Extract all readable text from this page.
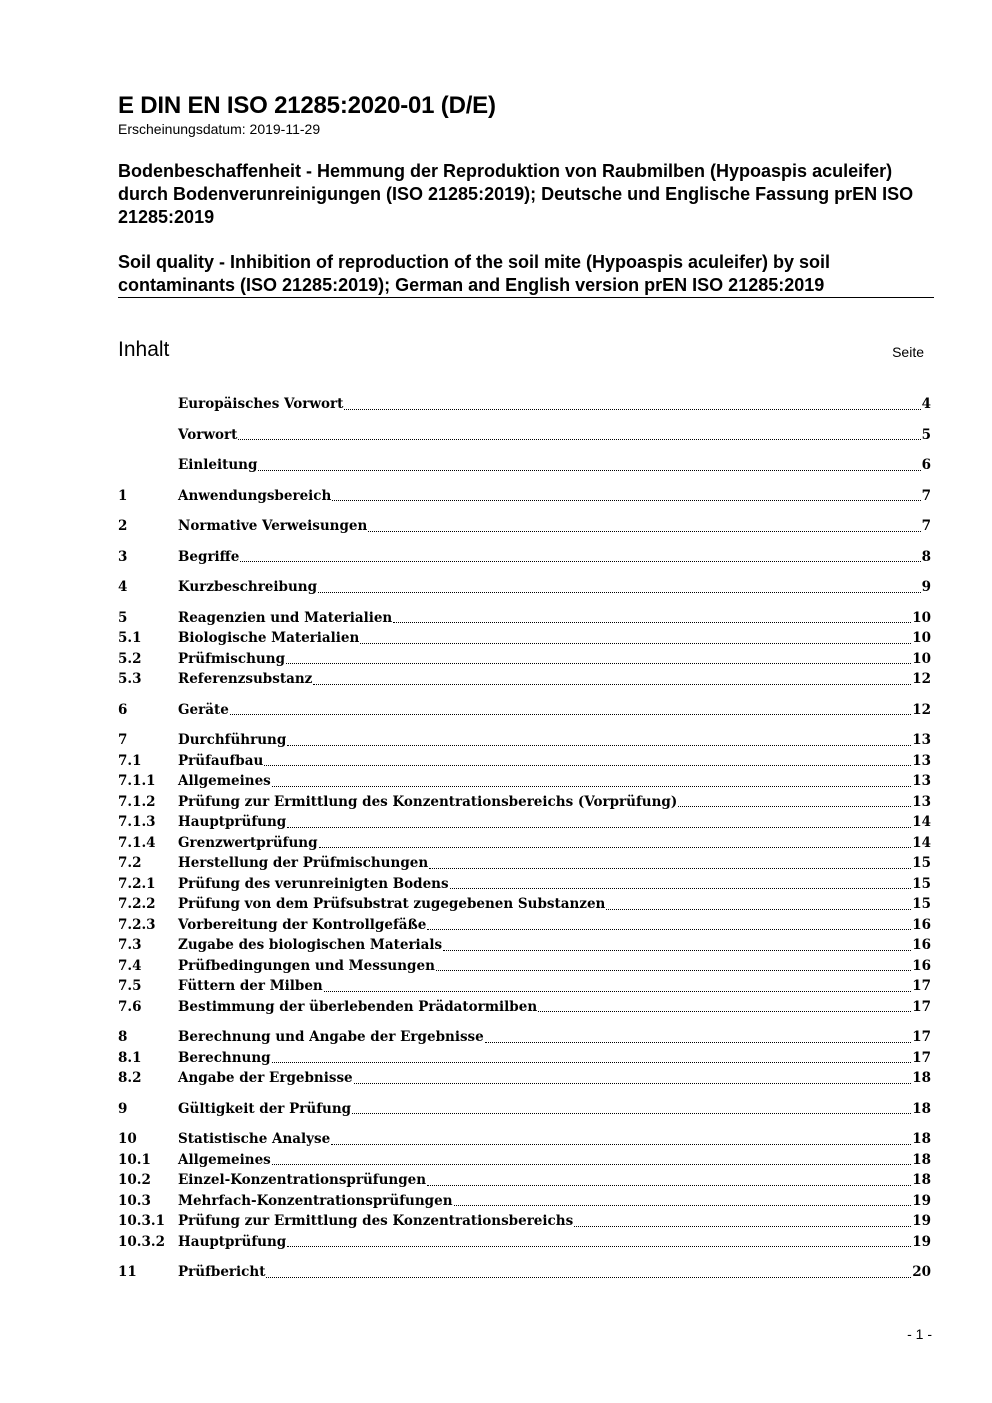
E DIN EN ISO 21285:2020-01 (D/E)
Erscheinungsdatum: 2019-11-29
Bodenbeschaffenheit - Hemmung der Reproduktion von Raubmilben (Hypoaspis aculeifer) durch Bodenverunreinigungen (ISO 21285:2019); Deutsche und Englische Fassung prEN ISO 21285:2019
Soil quality - Inhibition of reproduction of the soil mite (Hypoaspis aculeifer) by soil contaminants (ISO 21285:2019); German and English version prEN ISO 21285:2019
Inhalt	Seite
Europäisches Vorwort	4
Vorwort	5
Einleitung	6
1	Anwendungsbereich	7
2	Normative Verweisungen	7
3	Begriffe	8
4	Kurzbeschreibung	9
5	Reagenzien und Materialien	10
5.1	Biologische Materialien	10
5.2	Prüfmischung	10
5.3	Referenzsubstanz	12
6	Geräte	12
7	Durchführung	13
7.1	Prüfaufbau	13
7.1.1	Allgemeines	13
7.1.2	Prüfung zur Ermittlung des Konzentrationsbereichs (Vorprüfung)	13
7.1.3	Hauptprüfung	14
7.1.4	Grenzwertprüfung	14
7.2	Herstellung der Prüfmischungen	15
7.2.1	Prüfung des verunreinigten Bodens	15
7.2.2	Prüfung von dem Prüfsubstrat zugegebenen Substanzen	15
7.2.3	Vorbereitung der Kontrollgefäße	16
7.3	Zugabe des biologischen Materials	16
7.4	Prüfbedingungen und Messungen	16
7.5	Füttern der Milben	17
7.6	Bestimmung der überlebenden Prädatormilben	17
8	Berechnung und Angabe der Ergebnisse	17
8.1	Berechnung	17
8.2	Angabe der Ergebnisse	18
9	Gültigkeit der Prüfung	18
10	Statistische Analyse	18
10.1	Allgemeines	18
10.2	Einzel-Konzentrationsprüfungen	18
10.3	Mehrfach-Konzentrationsprüfungen	19
10.3.1 Prüfung zur Ermittlung des Konzentrationsbereichs	19
10.3.2 Hauptprüfung	19
11	Prüfbericht	20
- 1 -
